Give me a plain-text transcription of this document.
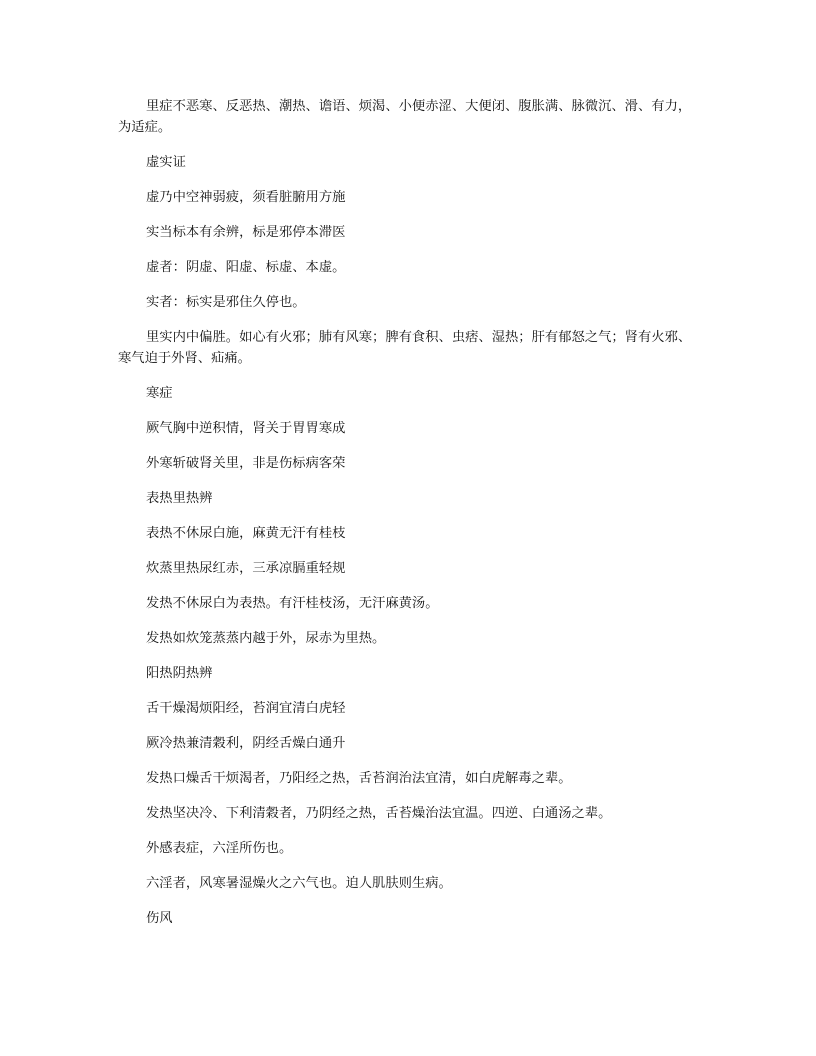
里症不恶寒、反恶热、潮热、谵语、烦渴、小便赤涩、大便闭、腹胀满、脉微沉、滑、有力，为适症。

虚实证

虚乃中空神弱疲，须看脏腑用方施

实当标本有余辨，标是邪停本滞医

虚者：阴虚、阳虚、标虚、本虚。

实者：标实是邪住久停也。

里实内中偏胜。如心有火邪；肺有风寒；脾有食积、虫痞、湿热；肝有郁怒之气；肾有火邪、寒气迫于外肾、疝痛。

寒症

厥气胸中逆积情，肾关于胃胃寒成

外寒斩破肾关里，非是伤标病客荣

表热里热辨

表热不休尿白施，麻黄无汗有桂枝

炊蒸里热尿红赤，三承凉膈重轻规

发热不休尿白为表热。有汗桂枝汤，无汗麻黄汤。

发热如炊笼蒸蒸内越于外，尿赤为里热。

阳热阴热辨

舌干燥渴烦阳经，苔润宜清白虎轻

厥冷热兼清穀利，阴经舌燥白通升

发热口燥舌干烦渴者，乃阳经之热，舌苔润治法宜清，如白虎解毒之辈。

发热坚决冷、下利清穀者，乃阴经之热，舌苔燥治法宜温。四逆、白通汤之辈。

外感表症，六淫所伤也。

六淫者，风寒暑湿燥火之六气也。迫人肌肤则生病。

伤风
